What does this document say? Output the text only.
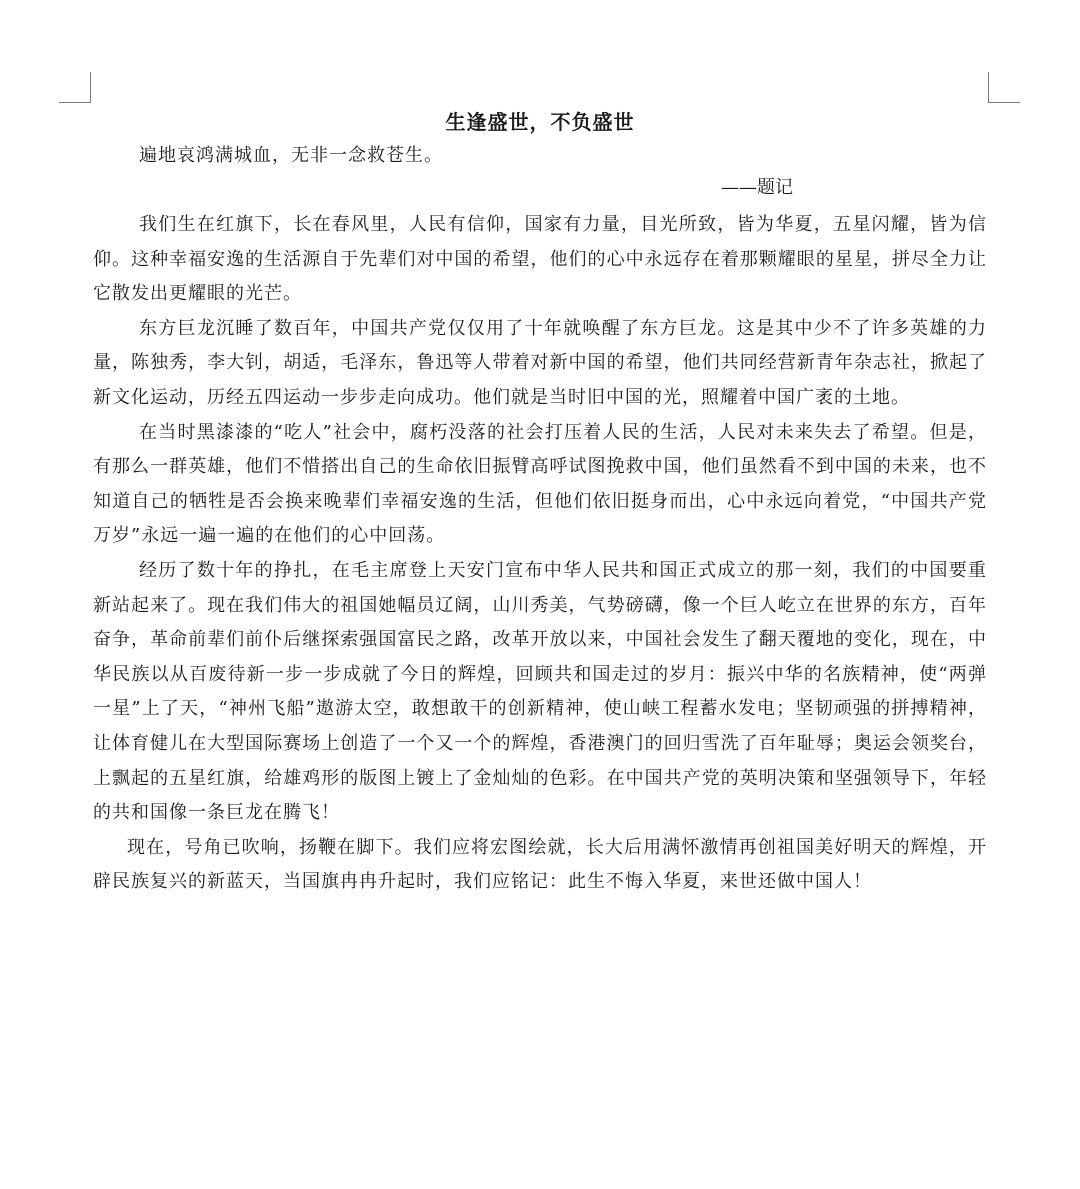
生逢盛世，不负盛世

遍地哀鸿满城血，无非一念救苍生。

——题记

我们生在红旗下，长在春风里，人民有信仰，国家有力量，目光所致，皆为华夏，五星闪耀，皆为信仰。这种幸福安逸的生活源自于先辈们对中国的希望，他们的心中永远存在着那颗耀眼的星星，拼尽全力让它散发出更耀眼的光芒。

东方巨龙沉睡了数百年，中国共产党仅仅用了十年就唤醒了东方巨龙。这是其中少不了许多英雄的力量，陈独秀，李大钊，胡适，毛泽东，鲁迅等人带着对新中国的希望，他们共同经营新青年杂志社，掀起了新文化运动，历经五四运动一步步走向成功。他们就是当时旧中国的光，照耀着中国广袤的土地。

在当时黑漆漆的“吃人”社会中，腐朽没落的社会打压着人民的生活，人民对未来失去了希望。但是，有那么一群英雄，他们不惜搭出自己的生命依旧振臂高呼试图挽救中国，他们虽然看不到中国的未来，也不知道自己的牺牲是否会换来晚辈们幸福安逸的生活，但他们依旧挺身而出，心中永远向着党，“中国共产党万岁”永远一遍一遍的在他们的心中回荡。

经历了数十年的挣扎，在毛主席登上天安门宣布中华人民共和国正式成立的那一刻，我们的中国要重新站起来了。现在我们伟大的祖国她幅员辽阔，山川秀美，气势磅礴，像一个巨人屹立在世界的东方，百年奋争，革命前辈们前仆后继探索强国富民之路，改革开放以来，中国社会发生了翻天覆地的变化，现在，中华民族以从百废待新一步一步成就了今日的辉煌，回顾共和国走过的岁月：振兴中华的名族精神，使“两弹一星”上了天，“神州飞船”遨游太空，敢想敢干的创新精神，使山峡工程蓄水发电；坚韧顽强的拼搏精神，让体育健儿在大型国际赛场上创造了一个又一个的辉煌，香港澳门的回归雪洗了百年耻辱；奥运会领奖台，上飘起的五星红旗，给雄鸡形的版图上镀上了金灿灿的色彩。在中国共产党的英明决策和坚强领导下，年轻的共和国像一条巨龙在腾飞！

现在，号角已吹响，扬鞭在脚下。我们应将宏图绘就，长大后用满怀激情再创祖国美好明天的辉煌，开辟民族复兴的新蓝天，当国旗冉冉升起时，我们应铭记：此生不悔入华夏，来世还做中国人！
